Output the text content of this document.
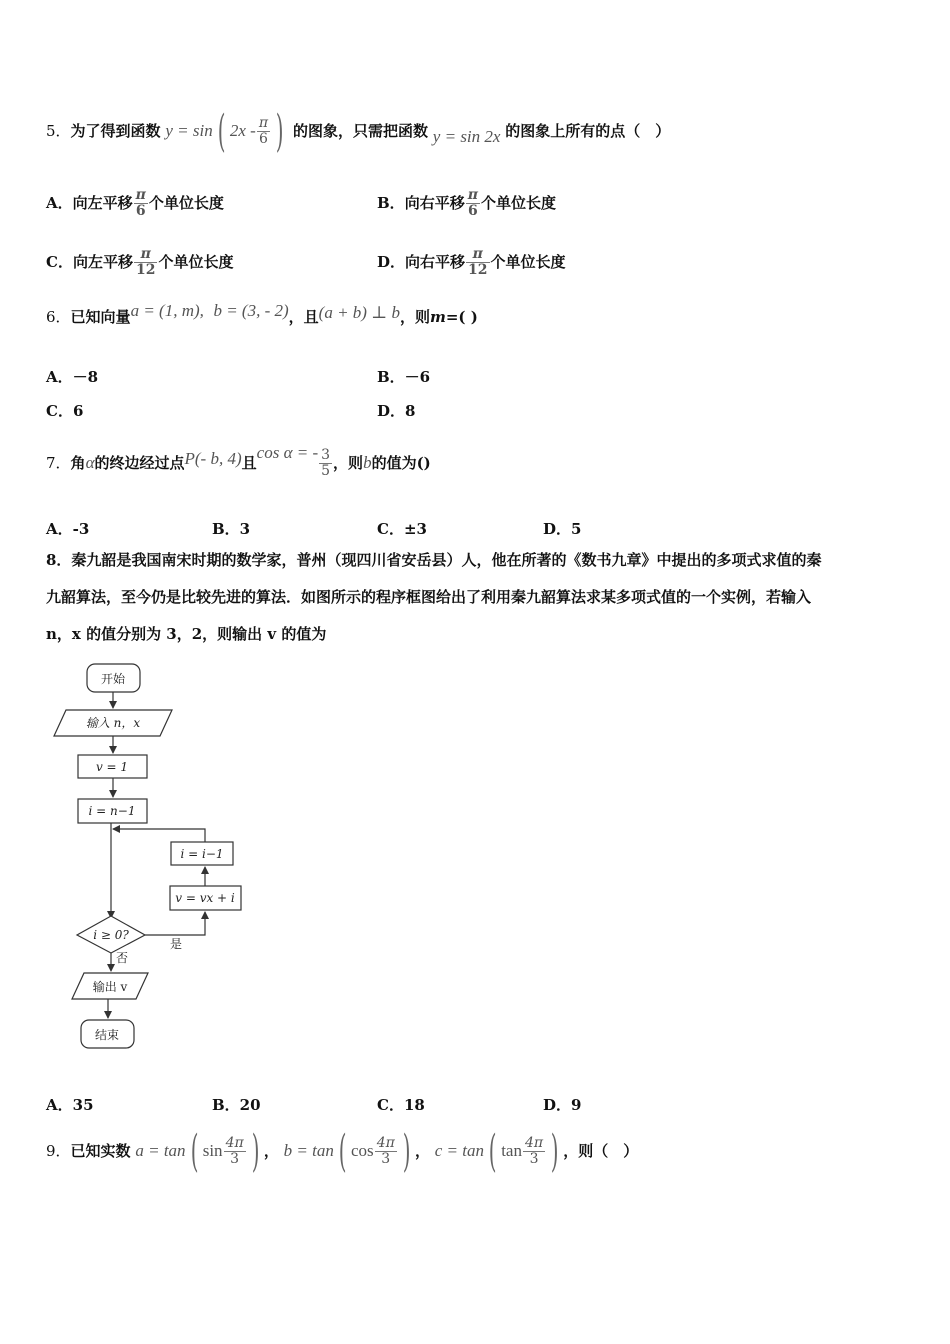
5．为了得到函数 y = sin ( $2x - \frac{\pi}{6}$ ) 的图象，只需把函数 y = sin 2x 的图象上所有的点（　）
A．向左平移 $\frac{\pi}{6}$ 个单位长度	B．向右平移 $\frac{\pi}{6}$ 个单位长度
C．向左平移 $\frac{\pi}{12}$ 个单位长度	D．向右平移 $\frac{\pi}{12}$ 个单位长度
6．已知向量a = (1, m), b = (3, - 2)，且(a + b) ⊥ b，则m=( )
A．－8	B．－6
C．6	D．8
7．角α的终边经过点P(- b, 4)且cos α = - $\frac{3}{5}$ ，则b的值为()
A．-3	B．3	C．±3	D．5
8．秦九韶是我国南宋时期的数学家，普州（现四川省安岳县）人，他在所著的《数书九章》中提出的多项式求值的秦
九韶算法，至今仍是比较先进的算法．如图所示的程序框图给出了利用秦九韶算法求某多项式值的一个实例，若输入
n，x 的值分别为 3，2，则输出 v 的值为
开始
输入 n，x
v = 1
i = n−1
i = i−1
v = vx + i
i ≥ 0?
是
否
输出 v
结束
A．35	B．20	C．18	D．9
9．已知实数 a = tan ( $\sin \frac{4\pi}{3}$ ) ， b = tan ( $\cos \frac{4\pi}{3}$ ) ， c = tan ( $\tan \frac{4\pi}{3}$ ) ，则（　）
